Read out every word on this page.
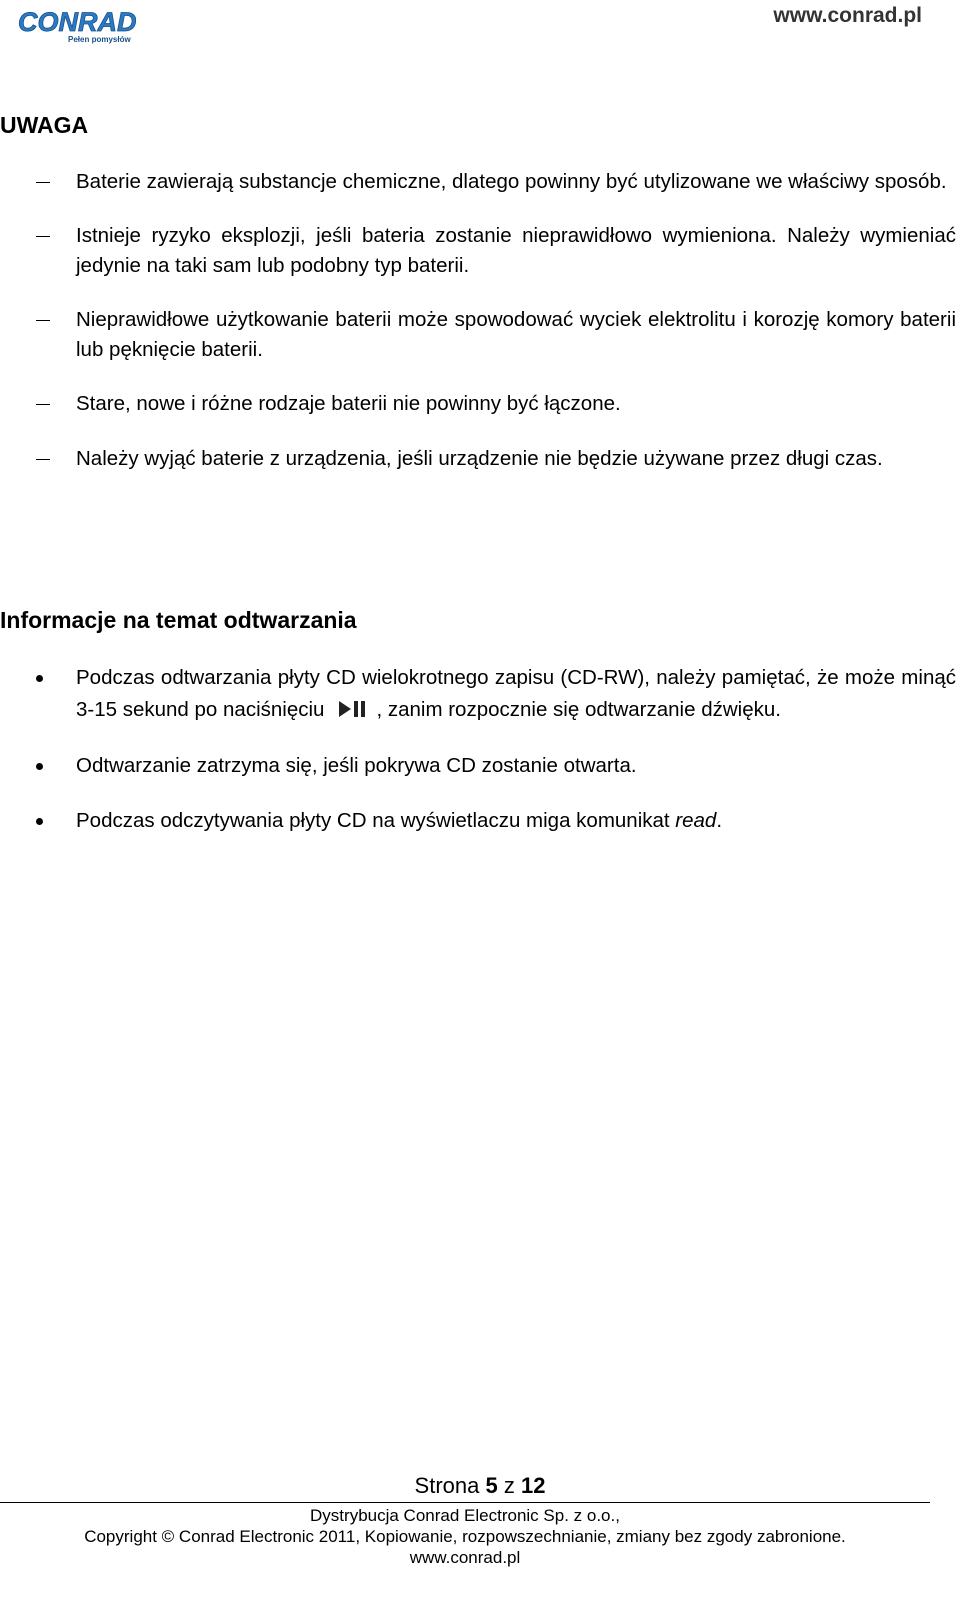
CONRAD
Pełen pomysłów
www.conrad.pl
UWAGA
Baterie zawierają substancje chemiczne, dlatego powinny być utylizowane we właściwy sposób.
Istnieje ryzyko eksplozji, jeśli bateria zostanie nieprawidłowo wymieniona. Należy wymieniać jedynie na taki sam lub podobny typ baterii.
Nieprawidłowe użytkowanie baterii może spowodować wyciek elektrolitu i korozję komory baterii lub pęknięcie baterii.
Stare, nowe i różne rodzaje baterii nie powinny być łączone.
Należy wyjąć baterie z urządzenia, jeśli urządzenie nie będzie używane przez długi czas.
Informacje na temat odtwarzania
Podczas odtwarzania płyty CD wielokrotnego zapisu (CD-RW), należy pamiętać, że może minąć 3-15 sekund po naciśnięciu	, zanim rozpocznie się odtwarzanie dźwięku.
Odtwarzanie zatrzyma się, jeśli pokrywa CD zostanie otwarta.
Podczas odczytywania płyty CD na wyświetlaczu miga komunikat read.
Strona 5 z 12
Dystrybucja Conrad Electronic Sp. z o.o.,
Copyright © Conrad Electronic 2011, Kopiowanie, rozpowszechnianie, zmiany bez zgody zabronione.
www.conrad.pl
